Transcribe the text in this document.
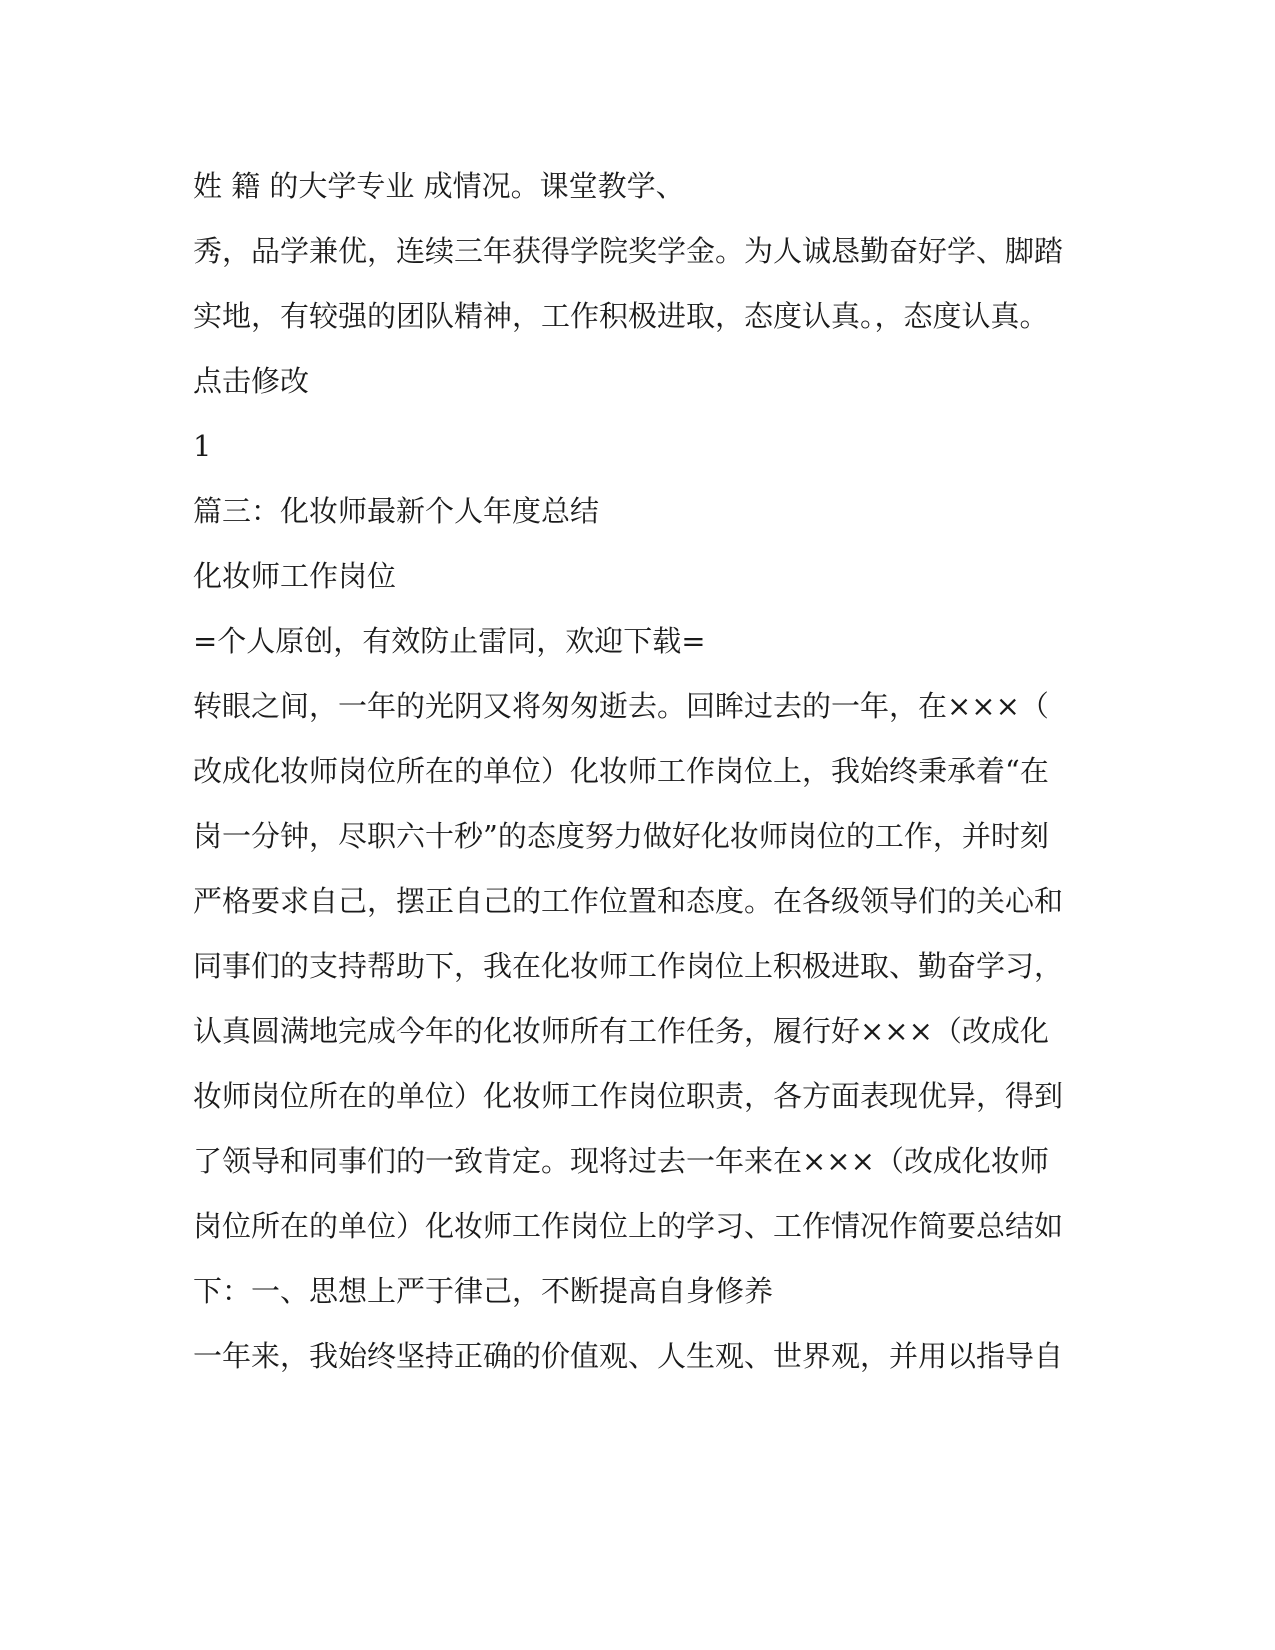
姓 籍 的大学专业 成情况。课堂教学、
秀，品学兼优，连续三年获得学院奖学金。为人诚恳勤奋好学、脚踏
实地，有较强的团队精神，工作积极进取，态度认真。，态度认真。
点击修改
1
篇三：化妆师最新个人年度总结
化妆师工作岗位
=个人原创，有效防止雷同，欢迎下载=
转眼之间，一年的光阴又将匆匆逝去。回眸过去的一年，在×××（
改成化妆师岗位所在的单位）化妆师工作岗位上，我始终秉承着“在
岗一分钟，尽职六十秒”的态度努力做好化妆师岗位的工作，并时刻
严格要求自己，摆正自己的工作位置和态度。在各级领导们的关心和
同事们的支持帮助下，我在化妆师工作岗位上积极进取、勤奋学习，
认真圆满地完成今年的化妆师所有工作任务，履行好×××（改成化
妆师岗位所在的单位）化妆师工作岗位职责，各方面表现优异，得到
了领导和同事们的一致肯定。现将过去一年来在×××（改成化妆师
岗位所在的单位）化妆师工作岗位上的学习、工作情况作简要总结如
下：一、思想上严于律己，不断提高自身修养
一年来，我始终坚持正确的价值观、人生观、世界观，并用以指导自
